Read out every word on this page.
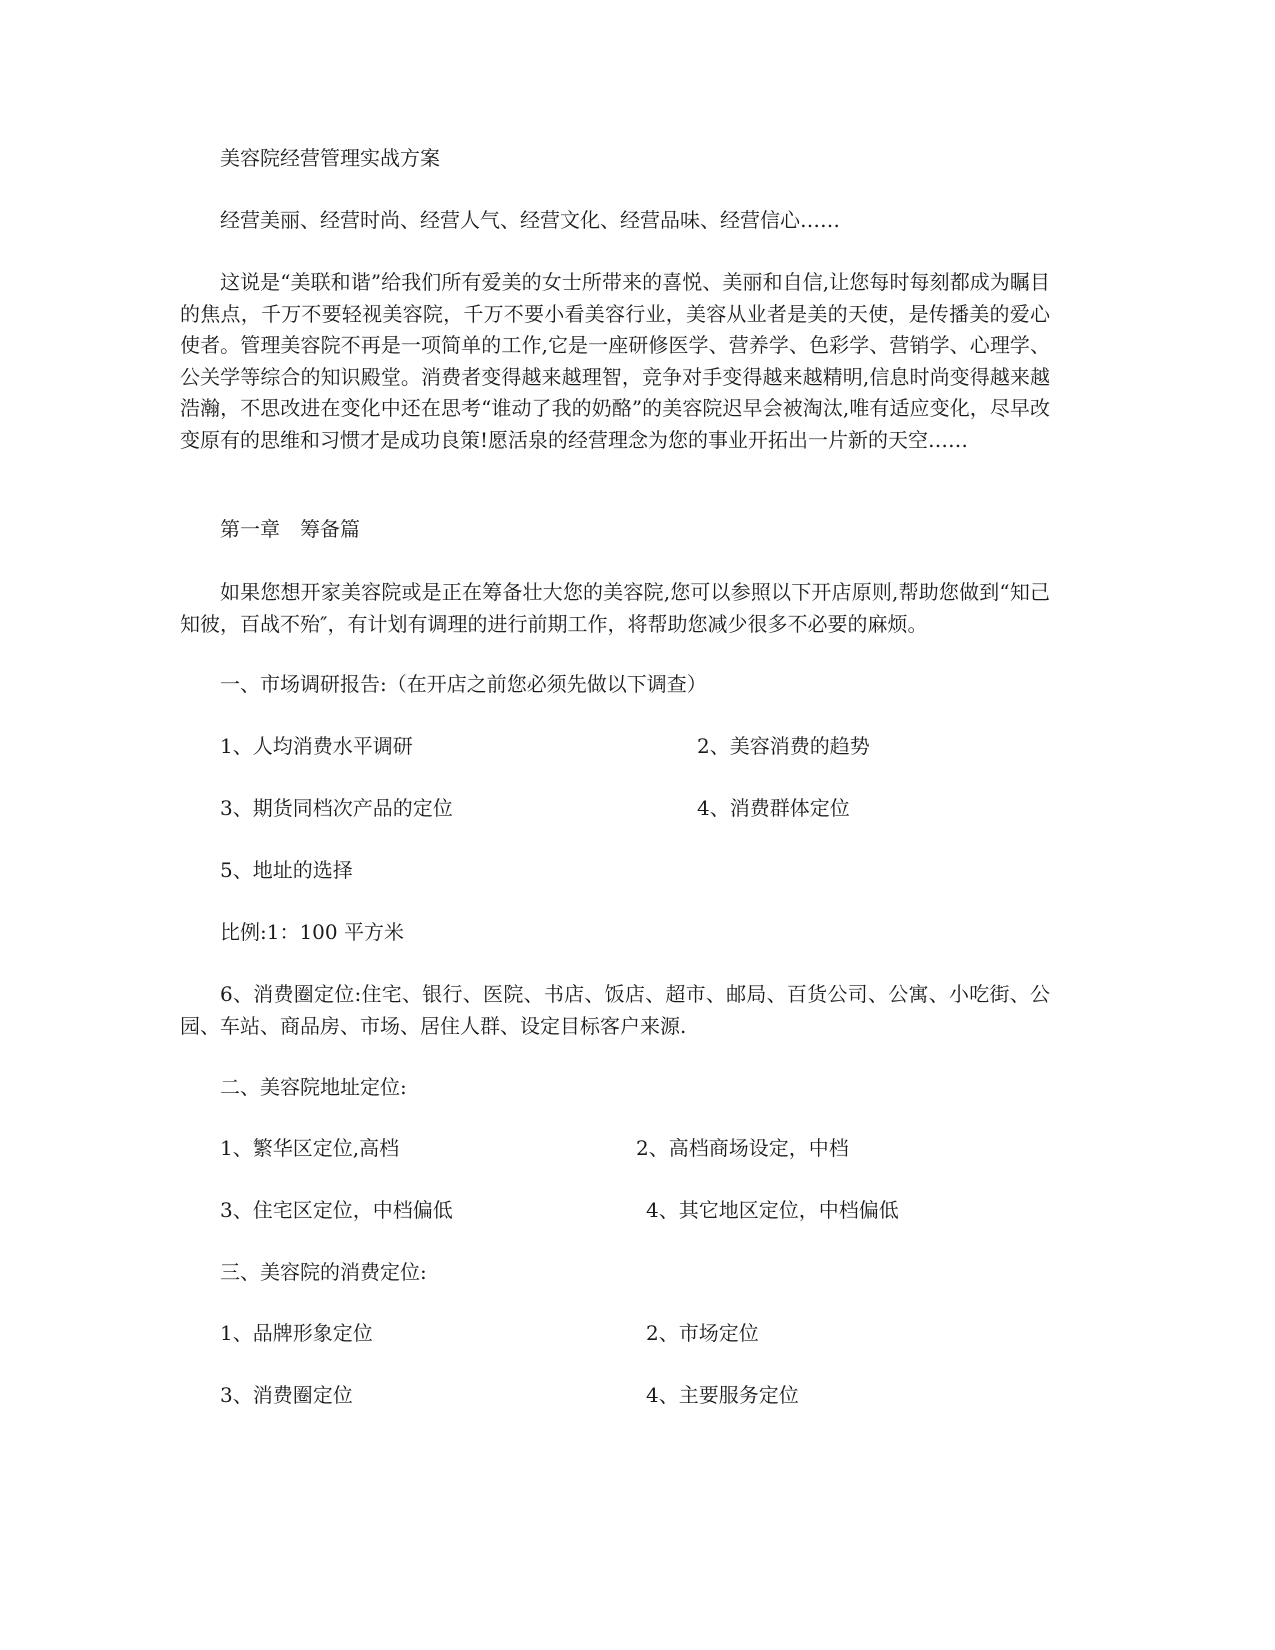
美容院经营管理实战方案
经营美丽、经营时尚、经营人气、经营文化、经营品味、经营信心……
这说是“美联和谐”给我们所有爱美的女士所带来的喜悦、美丽和自信,让您每时每刻都成为瞩目的焦点，千万不要轻视美容院，千万不要小看美容行业，美容从业者是美的天使，是传播美的爱心使者。管理美容院不再是一项简单的工作,它是一座研修医学、营养学、色彩学、营销学、心理学、公关学等综合的知识殿堂。消费者变得越来越理智，竞争对手变得越来越精明,信息时尚变得越来越浩瀚，不思改进在变化中还在思考“谁动了我的奶酪”的美容院迟早会被淘汰,唯有适应变化，尽早改变原有的思维和习惯才是成功良策!愿活泉的经营理念为您的事业开拓出一片新的天空……
第一章　筹备篇
如果您想开家美容院或是正在筹备壮大您的美容院,您可以参照以下开店原则,帮助您做到“知己知彼，百战不殆″，有计划有调理的进行前期工作，将帮助您减少很多不必要的麻烦。
一、市场调研报告:（在开店之前您必须先做以下调查）
1、人均消费水平调研	2、美容消费的趋势
3、期货同档次产品的定位	4、消费群体定位
5、地址的选择
比例:1：100 平方米
6、消费圈定位:住宅、银行、医院、书店、饭店、超市、邮局、百货公司、公寓、小吃街、公园、车站、商品房、市场、居住人群、设定目标客户来源.
二、美容院地址定位:
1、繁华区定位,高档	2、高档商场设定，中档
3、住宅区定位，中档偏低	4、其它地区定位，中档偏低
三、美容院的消费定位:
1、品牌形象定位	2、市场定位
3、消费圈定位	4、主要服务定位
